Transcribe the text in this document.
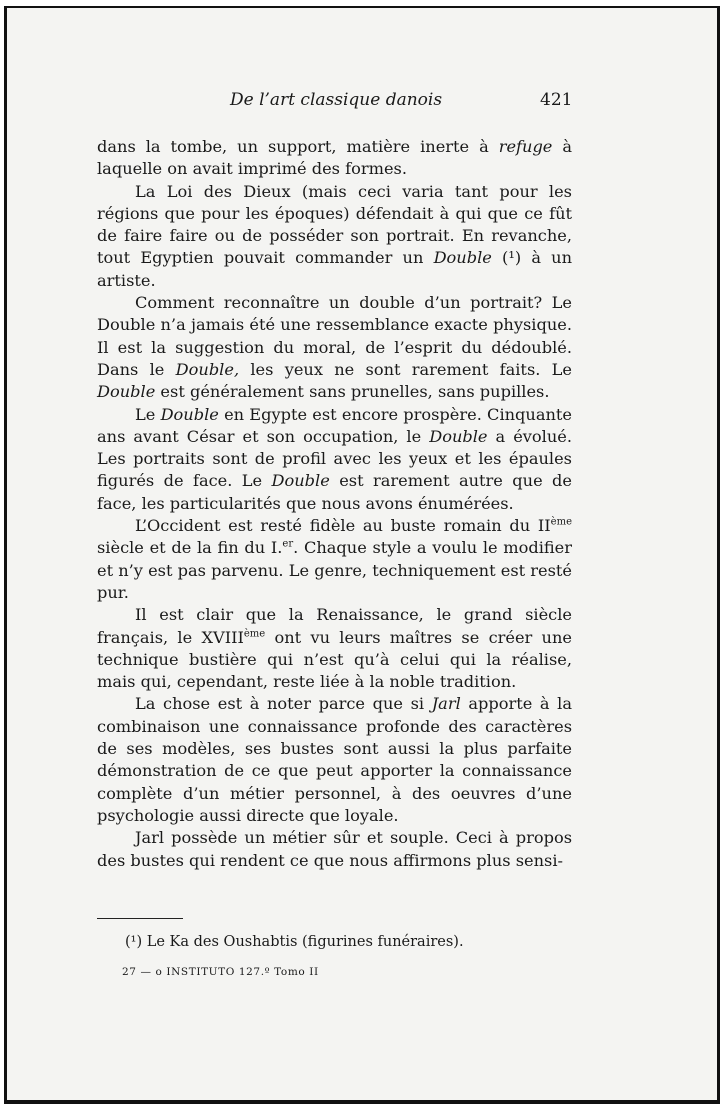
De l’art classique danois	421

dans la tombe, un support, matière inerte à refuge à laquelle on avait imprimé des formes.

La Loi des Dieux (mais ceci varia tant pour les régions que pour les époques) défendait à qui que ce fût de faire faire ou de posséder son portrait. En revanche, tout Egyptien pouvait commander un Double (¹) à un artiste.

Comment reconnaître un double d’un portrait? Le Double n’a jamais été une ressemblance exacte physique. Il est la suggestion du moral, de l’esprit du dédoublé. Dans le Double, les yeux ne sont rarement faits. Le Double est généralement sans prunelles, sans pupilles.

Le Double en Egypte est encore prospère. Cinquante ans avant César et son occupation, le Double a évolué. Les portraits sont de profil avec les yeux et les épaules figurés de face. Le Double est rarement autre que de face, les particularités que nous avons énumérées.

L’Occident est resté fidèle au buste romain du IIème siècle et de la fin du I.$^{er}$. Chaque style a voulu le modifier et n’y est pas parvenu. Le genre, techniquement est resté pur.

Il est clair que la Renaissance, le grand siècle français, le XVIIIème ont vu leurs maîtres se créer une technique bustière qui n’est qu’à celui qui la réalise, mais qui, cependant, reste liée à la noble tradition.

La chose est à noter parce que si Jarl apporte à la combinaison une connaissance profonde des caractères de ses modèles, ses bustes sont aussi la plus parfaite démonstration de ce que peut apporter la connaissance complète d’un métier personnel, à des oeuvres d’une psychologie aussi directe que loyale.

Jarl possède un métier sûr et souple. Ceci à propos des bustes qui rendent ce que nous affirmons plus sensi-

(¹) Le Ka des Oushabtis (figurines funéraires).
27 — o INSTITUTO 127.º Tomo II
